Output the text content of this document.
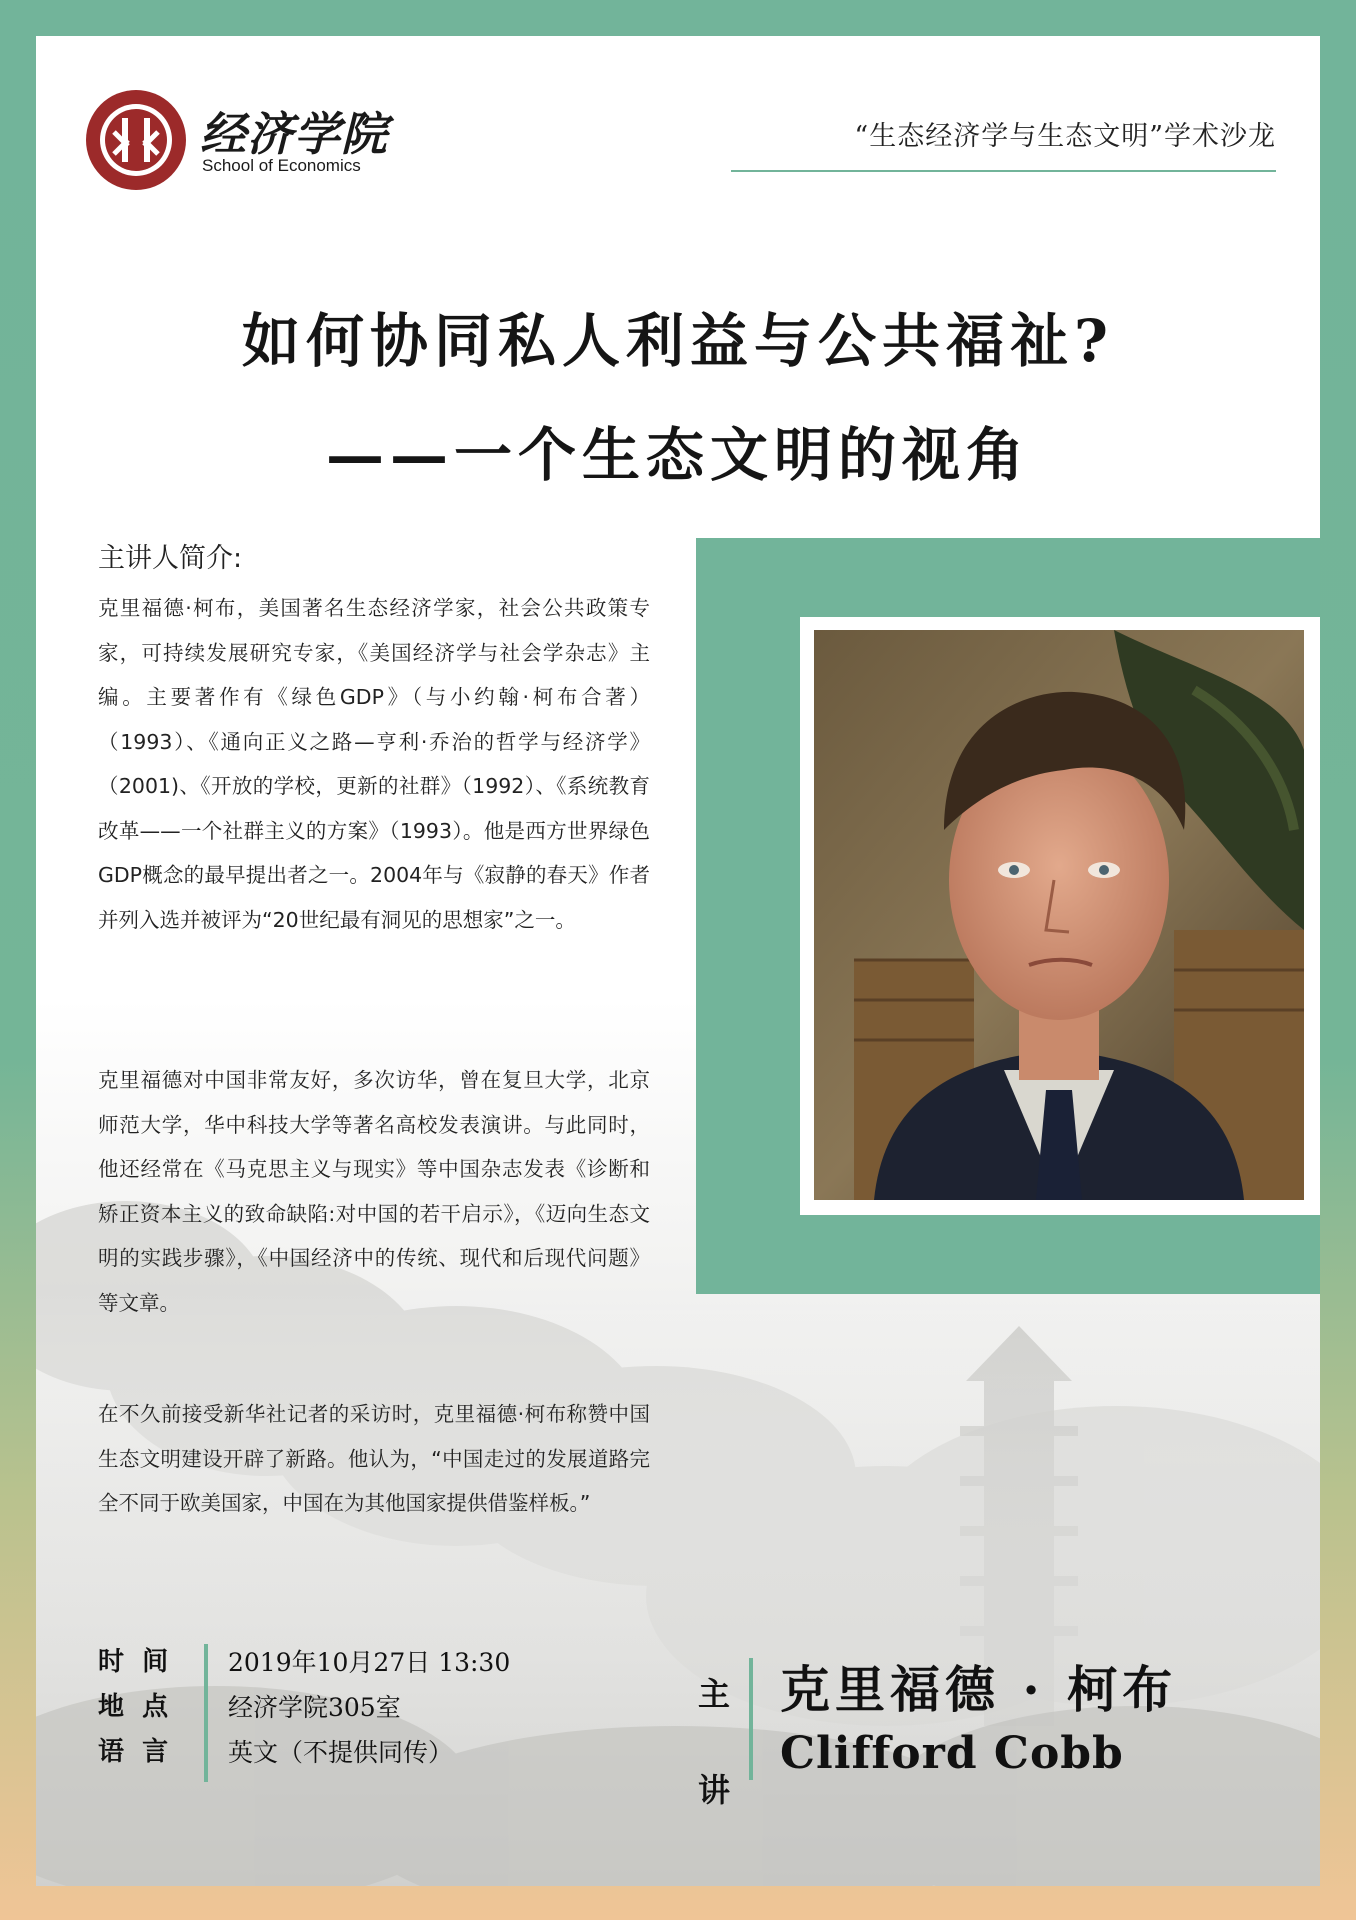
经济学院
School of Economics
“生态经济学与生态文明”学术沙龙
如何协同私人利益与公共福祉?
——一个生态文明的视角
主讲人简介:

克里福德·柯布，美国著名生态经济学家，社会公共政策专家，可持续发展研究专家，《美国经济学与社会学杂志》主编。主要著作有《绿色GDP》（与小约翰·柯布合著）（1993）、《通向正义之路—亨利·乔治的哲学与经济学》（2001)、《开放的学校，更新的社群》（1992）、《系统教育改革——一个社群主义的方案》（1993）。他是西方世界绿色GDP概念的最早提出者之一。2004年与《寂静的春天》作者并列入选并被评为“20世纪最有洞见的思想家”之一。

克里福德对中国非常友好，多次访华，曾在复旦大学，北京师范大学，华中科技大学等著名高校发表演讲。与此同时，他还经常在《马克思主义与现实》等中国杂志发表《诊断和矫正资本主义的致命缺陷:对中国的若干启示》，《迈向生态文明的实践步骤》，《中国经济中的传统、现代和后现代问题》等文章。

在不久前接受新华社记者的采访时，克里福德·柯布称赞中国生态文明建设开辟了新路。他认为，“中国走过的发展道路完全不同于欧美国家，中国在为其他国家提供借鉴样板。”

时  间
地  点
语  言
2019年10月27日 13:30
经济学院305室
英文（不提供同传）
主
讲
克里福德 · 柯布
Clifford Cobb
